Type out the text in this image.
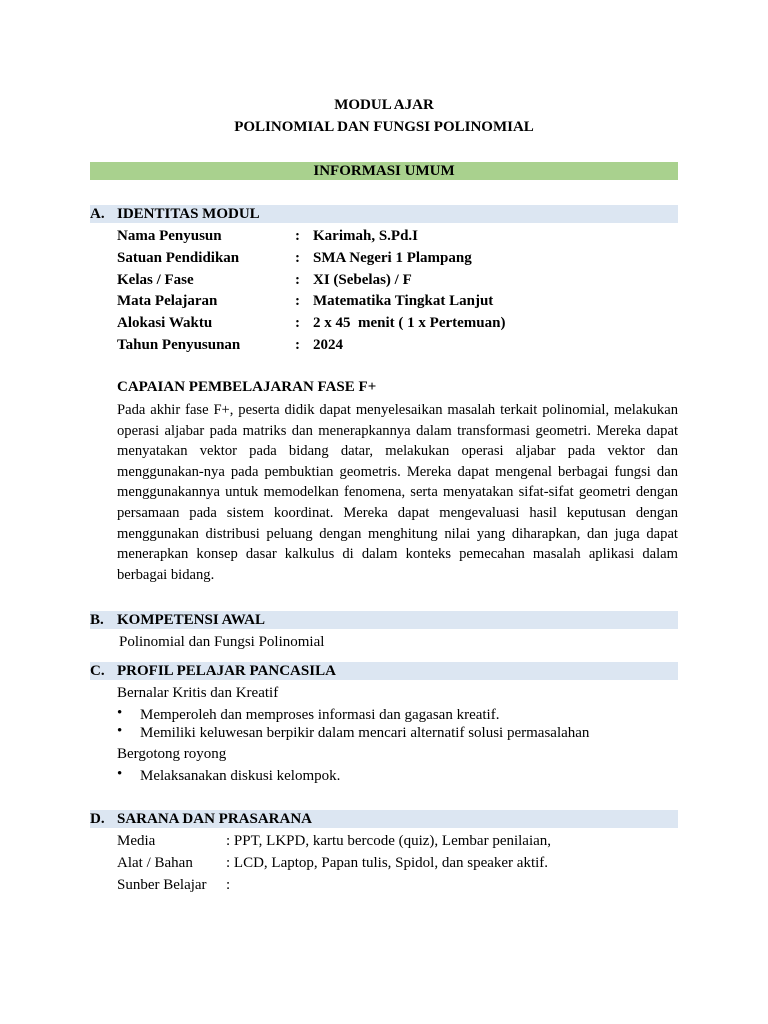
MODUL AJAR
POLINOMIAL DAN FUNGSI POLINOMIAL
INFORMASI UMUM
A. IDENTITAS MODUL
Nama Penyusun	: Karimah, S.Pd.I
Satuan Pendidikan	: SMA Negeri 1 Plampang
Kelas / Fase	: XI (Sebelas) / F
Mata Pelajaran	: Matematika Tingkat Lanjut
Alokasi Waktu	: 2 x 45  menit ( 1 x Pertemuan)
Tahun Penyusunan	: 2024
CAPAIAN PEMBELAJARAN FASE F+
Pada akhir fase F+, peserta didik dapat menyelesaikan masalah terkait polinomial, melakukan operasi aljabar pada matriks dan menerapkannya dalam transformasi geometri. Mereka dapat menyatakan vektor pada bidang datar, melakukan operasi aljabar pada vektor dan menggunakan-nya pada pembuktian geometris. Mereka dapat mengenal berbagai fungsi dan menggunakannya untuk memodelkan fenomena, serta menyatakan sifat-sifat geometri dengan persamaan pada sistem koordinat. Mereka dapat mengevaluasi hasil keputusan dengan menggunakan distribusi peluang dengan menghitung nilai yang diharapkan, dan juga dapat menerapkan konsep dasar kalkulus di dalam konteks pemecahan masalah aplikasi dalam berbagai bidang.
B. KOMPETENSI AWAL
Polinomial dan Fungsi Polinomial
C. PROFIL PELAJAR PANCASILA
Bernalar Kritis dan Kreatif
• Memperoleh dan memproses informasi dan gagasan kreatif.
• Memiliki keluwesan berpikir dalam mencari alternatif solusi permasalahan
Bergotong royong
• Melaksanakan diskusi kelompok.
D. SARANA DAN PRASARANA
Media	: PPT, LKPD, kartu bercode (quiz), Lembar penilaian,
Alat / Bahan : LCD, Laptop, Papan tulis, Spidol, dan speaker aktif.
Sunber Belajar :
